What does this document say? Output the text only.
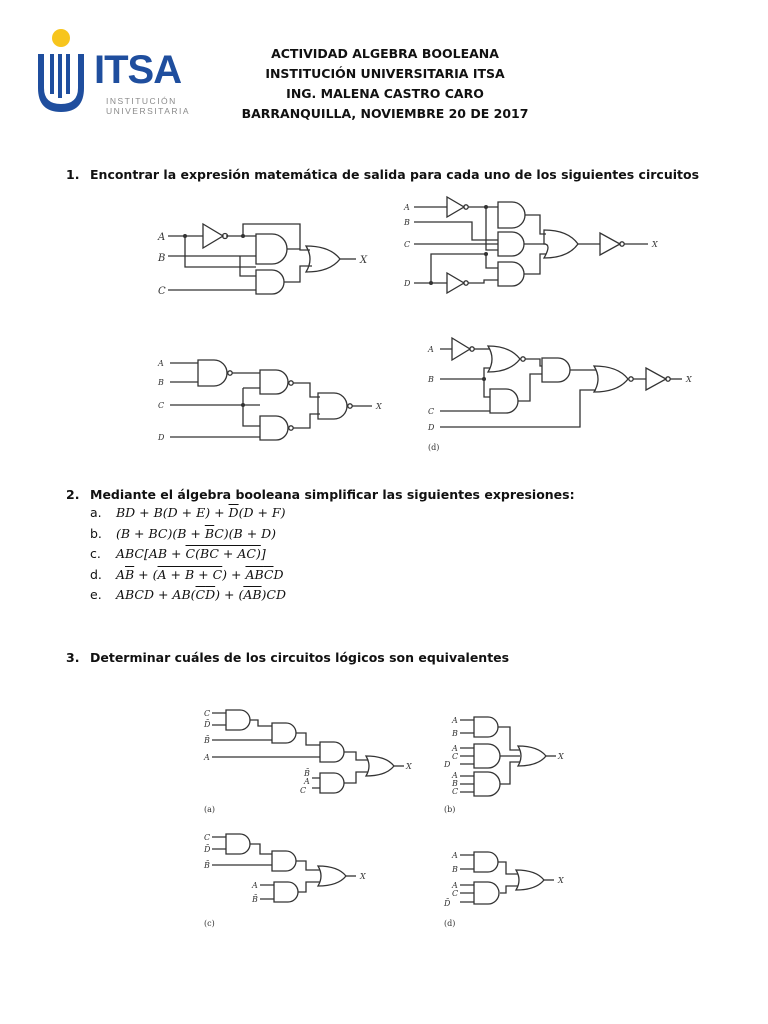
ITSA
INSTITUCIÓN
UNIVERSITARIA
ACTIVIDAD ALGEBRA BOOLEANA
INSTITUCIÓN UNIVERSITARIA ITSA
ING. MALENA CASTRO CARO
BARRANQUILLA, NOVIEMBRE 20 DE 2017
1. Encontrar la expresión matemática de salida para cada uno de los siguientes circuitos
A
B
C
X
A
B
C
D
X
A
B
C
D
X
A
B
C
D
X
(d)
2. Mediante el álgebra booleana simplificar las siguientes expresiones:
a. BD + $B(D + E) + \overline{D}(D + F)$
b. $(B + BC)(B + \overline{B}C)(B + D)$
c. ABC[AB + C(BC + AC)]
d. $A\overline{B} + (A + B + C) + \overline{A}\overline{B}\overline{C}D$
e. ABCD + $AB(CD) + (\overline{AB})CD$
3. Determinar cuáles de los circuitos lógicos son equivalentes
C
D̄
B̄
A
B̄
A
C
X
(a)
A
B
A
C
D
A
B
C
X
(b)
C
D̄
B̄
A
B̄
X
(c)
A
B
A
C
D̄
X
(d)
